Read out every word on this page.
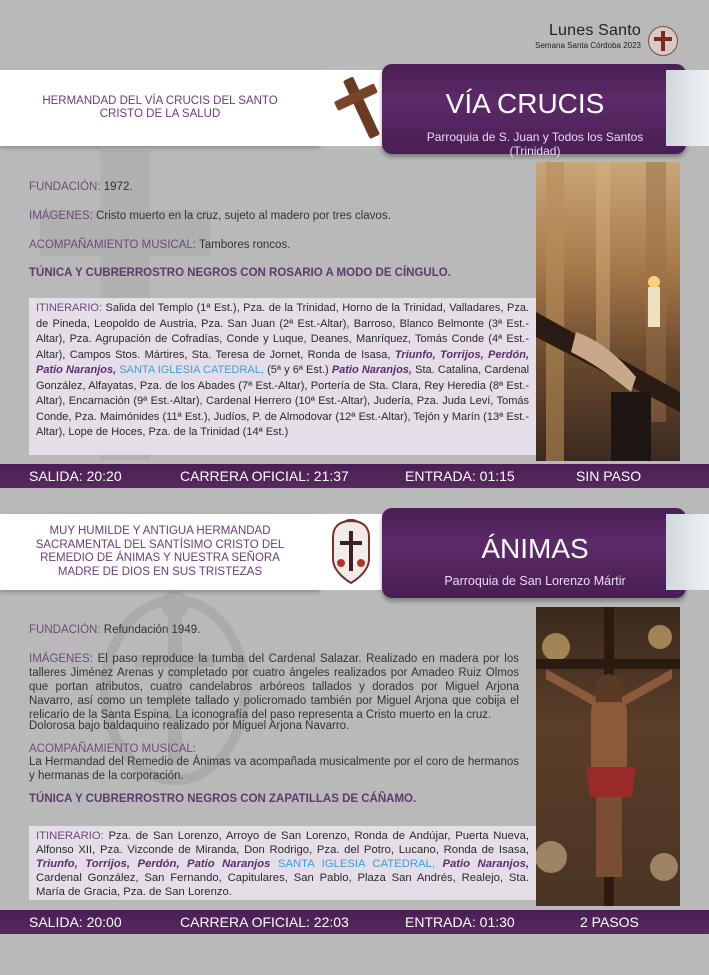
Lunes Santo
Semana Santa Córdoba 2023
HERMANDAD DEL VÍA CRUCIS DEL SANTO CRISTO DE LA SALUD	VÍA CRUCIS
Parroquia de S. Juan y Todos los Santos (Trinidad)
FUNDACIÓN: 1972.
IMÁGENES: Cristo muerto en la cruz, sujeto al madero por tres clavos.
ACOMPAÑAMIENTO MUSICAL: Tambores roncos.
TÚNICA Y CUBRERROSTRO NEGROS CON ROSARIO A MODO DE CÍNGULO.
ITINERARIO: Salida del Templo (1ª Est.), Pza. de la Trinidad, Horno de la Trinidad, Valladares, Pza. de Pineda, Leopoldo de Austria, Pza. San Juan (2ª Est.-Altar), Barroso, Blanco Belmonte (3ª Est.-Altar), Pza. Agrupación de Cofradías, Conde y Luque, Deanes, Manríquez, Tomás Conde (4ª Est.-Altar), Campos Stos. Mártires, Sta. Teresa de Jornet, Ronda de Isasa, Triunfo, Torrijos, Perdón, Patio Naranjos, SANTA IGLESIA CATEDRAL, (5ª y 6ª Est.) Patio Naranjos, Sta. Catalina, Cardenal González, Alfayatas, Pza. de los Abades (7ª Est.-Altar), Portería de Sta. Clara, Rey Heredia (8ª Est.-Altar), Encarnación (9ª Est.-Altar), Cardenal Herrero (10ª Est.-Altar), Judería, Pza. Juda Leví, Tomás Conde, Pza. Maimónides (11ª Est.), Judíos, P. de Almodovar (12ª Est.-Altar), Tejón y Marín (13ª Est.-Altar), Lope de Hoces, Pza. de la Trinidad (14ª Est.)
SALIDA: 20:20	CARRERA OFICIAL: 21:37	ENTRADA: 01:15	SIN PASO
MUY HUMILDE Y ANTIGUA HERMANDAD SACRAMENTAL DEL SANTÍSIMO CRISTO DEL REMEDIO DE ÁNIMAS Y NUESTRA SEÑORA MADRE DE DIOS EN SUS TRISTEZAS
ÁNIMAS
Parroquia de San Lorenzo Mártir
FUNDACIÓN: Refundación 1949.
IMÁGENES: El paso reproduce la tumba del Cardenal Salazar. Realizado en madera por los talleres Jiménez Arenas y completado por cuatro ángeles realizados por Amadeo Ruiz Olmos que portan atributos, cuatro candelabros arbóreos tallados y dorados por Miguel Arjona Navarro, así como un templete tallado y policromado también por Miguel Arjona que cobija el relicario de la Santa Espina. La iconografía del paso representa a Cristo muerto en la cruz.
Dolorosa bajo baldaquino realizado por Miguel Arjona Navarro.
ACOMPAÑAMIENTO MUSICAL:
La Hermandad del Remedio de Ánimas va acompañada musicalmente por el coro de hermanos y hermanas de la corporación.
TÚNICA Y CUBRERROSTRO NEGROS CON ZAPATILLAS DE CÁÑAMO.
ITINERARIO: Pza. de San Lorenzo, Arroyo de San Lorenzo, Ronda de Andújar, Puerta Nueva, Alfonso XII, Pza. Vizconde de Miranda, Don Rodrigo, Pza. del Potro, Lucano, Ronda de Isasa, Triunfo, Torrijos, Perdón, Patio Naranjos SANTA IGLESIA CATEDRAL, Patio Naranjos, Cardenal González, San Fernando, Capitulares, San Pablo, Plaza San Andrés, Realejo, Sta. María de Gracia, Pza. de San Lorenzo.
SALIDA: 20:00	CARRERA OFICIAL: 22:03	ENTRADA: 01:30	2 PASOS
